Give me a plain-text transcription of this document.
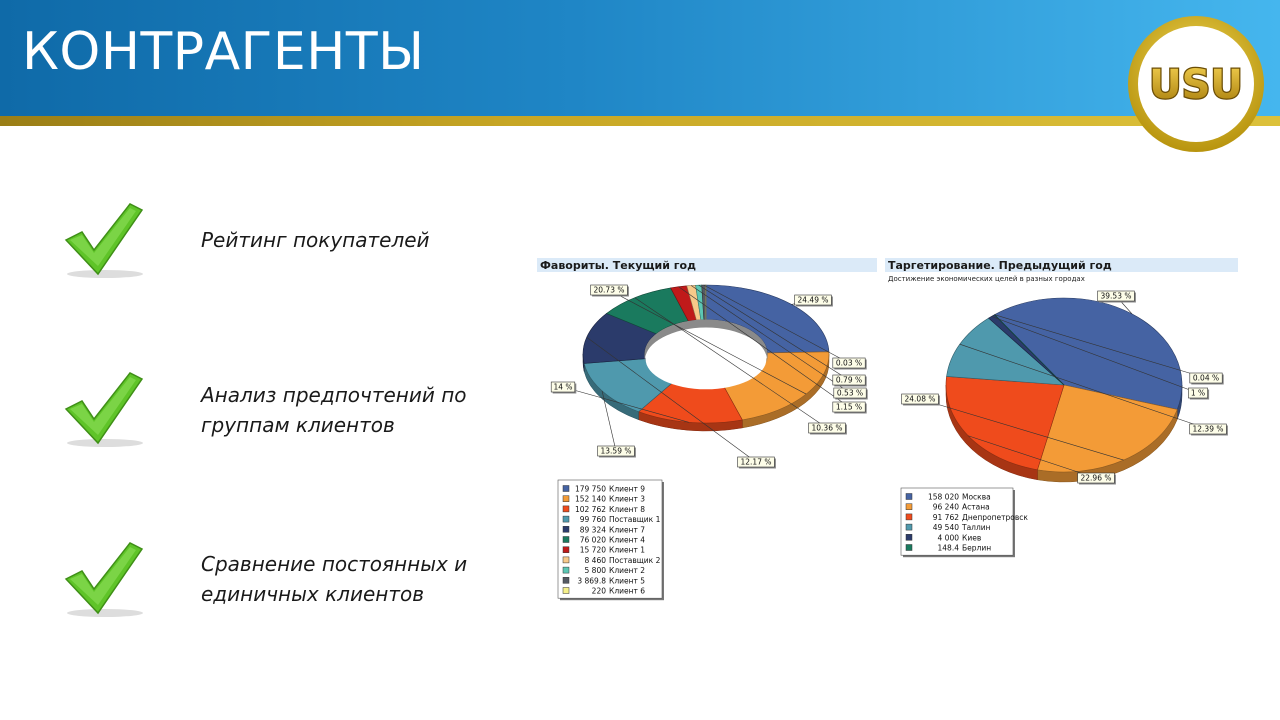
КОНТРАГЕНТЫ
USU
Рейтинг покупателей
Анализ предпочтений по
группам клиентов
Сравнение постоянных и
единичных клиентов
Фавориты. Текущий год
24.49 %
20.73 %
14 %
13.59 %
12.17 %
10.36 %
1.15 %
0.53 %
0.79 %
0.03 %
179 750 Клиент 9
152 140 Клиент 3
102 762 Клиент 8
99 760 Поставщик 1
89 324 Клиент 7
76 020 Клиент 4
15 720 Клиент 1
8 460 Поставщик 2
5 800 Клиент 2
3 869.8 Клиент 5
220 Клиент 6
Таргетирование. Предыдущий год
Достижение экономических целей в разных городах
39.53 %
24.08 %
22.96 %
12.39 %
1 %
0.04 %
158 020 Москва
96 240 Астана
91 762 Днепропетровск
49 540 Таллин
4 000 Киев
148.4 Берлин
